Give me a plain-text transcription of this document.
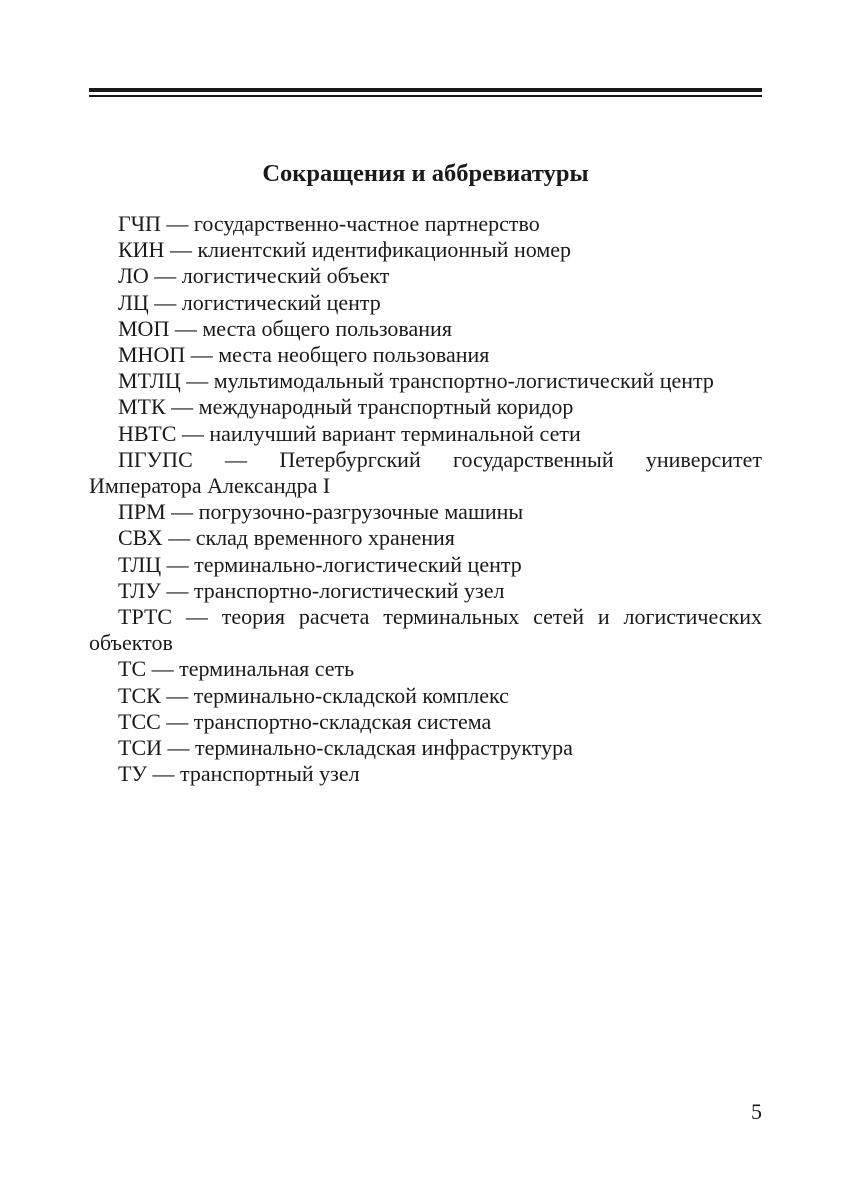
Сокращения и аббревиатуры

ГЧП — государственно-частное партнерство

КИН — клиентский идентификационный номер

ЛО — логистический объект

ЛЦ — логистический центр

МОП — места общего пользования

МНОП — места необщего пользования

МТЛЦ — мультимодальный транспортно-логистический центр

МТК — международный транспортный коридор

НВТС — наилучший вариант терминальной сети

ПГУПС — Петербургский государственный университет Императора Александра I

ПРМ — погрузочно-разгрузочные машины

СВХ — склад временного хранения

ТЛЦ — терминально-логистический центр

ТЛУ — транспортно-логистический узел

ТРТС — теория расчета терминальных сетей и логистических объектов

ТС — терминальная сеть

ТСК — терминально-складской комплекс

ТСС — транспортно-складская система

ТСИ — терминально-складская инфраструктура

ТУ — транспортный узел

5
